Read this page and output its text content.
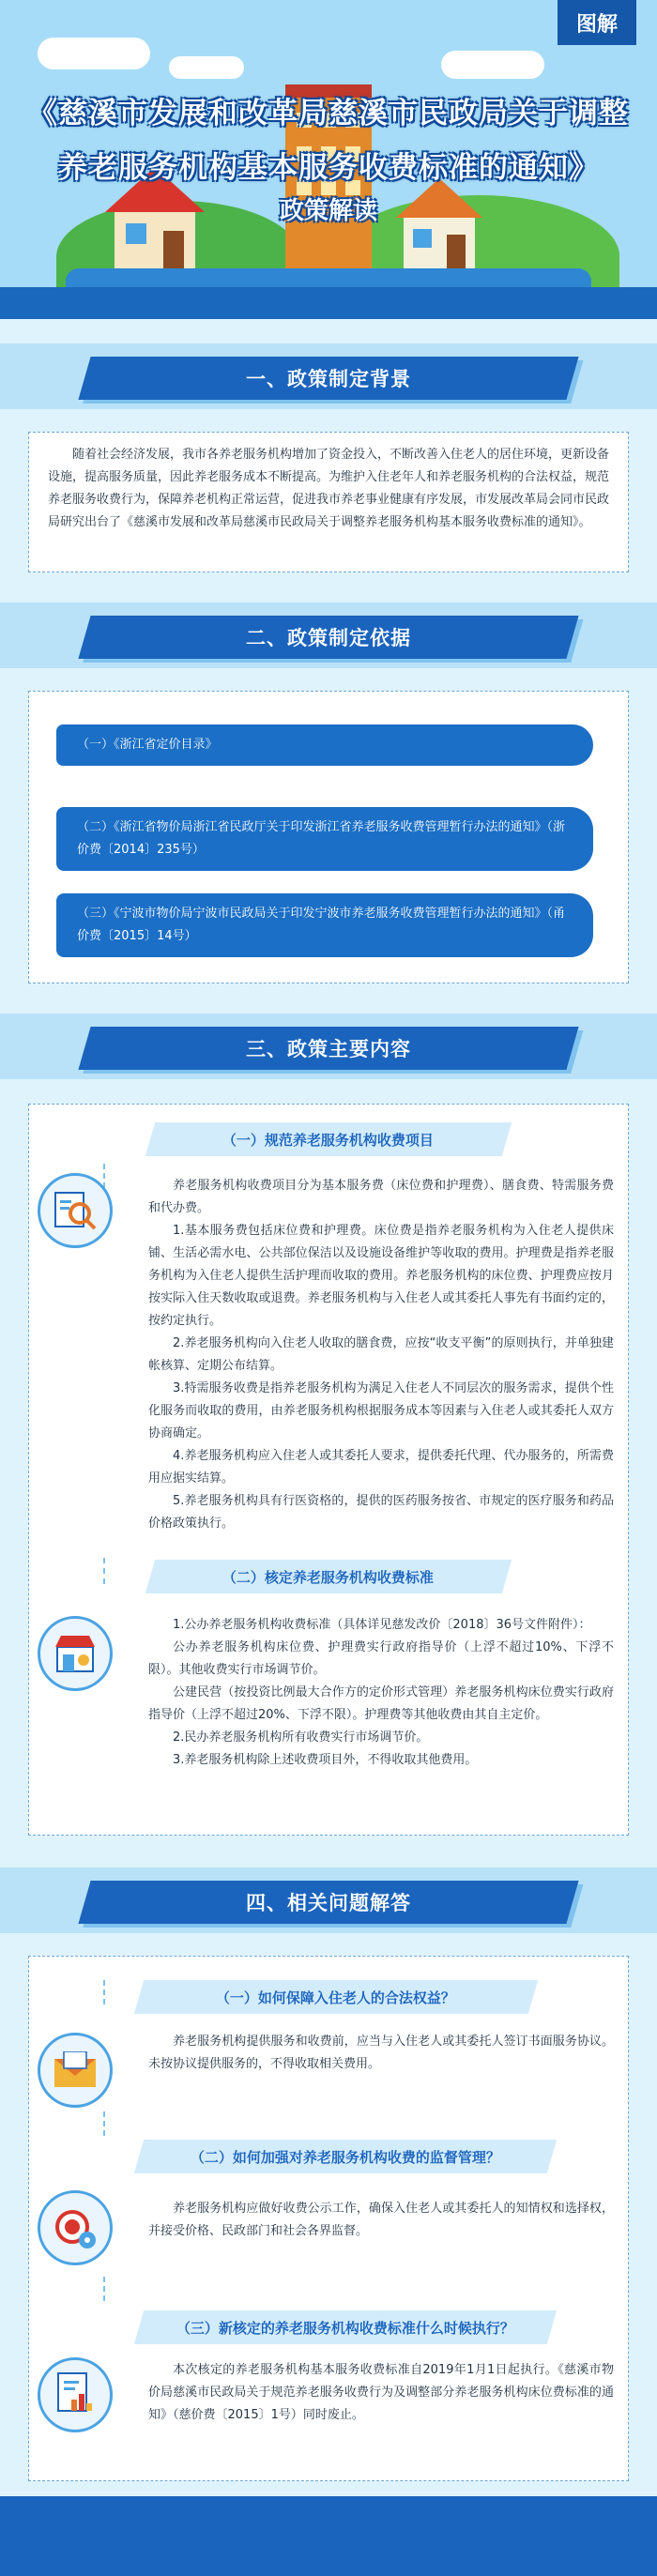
图解
《慈溪市发展和改革局慈溪市民政局关于调整
养老服务机构基本服务收费标准的通知》
政策解读
一、政策制定背景

随着社会经济发展，我市各养老服务机构增加了资金投入，不断改善入住老人的居住环境，更新设备设施，提高服务质量，因此养老服务成本不断提高。为维护入住老年人和养老服务机构的合法权益，规范养老服务收费行为，保障养老机构正常运营，促进我市养老事业健康有序发展，市发展改革局会同市民政局研究出台了《慈溪市发展和改革局慈溪市民政局关于调整养老服务机构基本服务收费标准的通知》。

二、政策制定依据
（一）《浙江省定价目录》
（二）《浙江省物价局浙江省民政厅关于印发浙江省养老服务收费管理暂行办法的通知》（浙价费〔2014〕235号）
（三）《宁波市物价局宁波市民政局关于印发宁波市养老服务收费管理暂行办法的通知》（甬价费〔2015〕14号）
三、政策主要内容
（一）规范养老服务机构收费项目

养老服务机构收费项目分为基本服务费（床位费和护理费）、膳食费、特需服务费和代办费。

1.基本服务费包括床位费和护理费。床位费是指养老服务机构为入住老人提供床铺、生活必需水电、公共部位保洁以及设施设备维护等收取的费用。护理费是指养老服务机构为入住老人提供生活护理而收取的费用。养老服务机构的床位费、护理费应按月按实际入住天数收取或退费。养老服务机构与入住老人或其委托人事先有书面约定的，按约定执行。

2.养老服务机构向入住老人收取的膳食费，应按“收支平衡”的原则执行，并单独建帐核算、定期公布结算。

3.特需服务收费是指养老服务机构为满足入住老人不同层次的服务需求，提供个性化服务而收取的费用，由养老服务机构根据服务成本等因素与入住老人或其委托人双方协商确定。

4.养老服务机构应入住老人或其委托人要求，提供委托代理、代办服务的，所需费用应据实结算。

5.养老服务机构具有行医资格的，提供的医药服务按省、市规定的医疗服务和药品价格政策执行。

（二）核定养老服务机构收费标准

1.公办养老服务机构收费标准（具体详见慈发改价〔2018〕36号文件附件）：

公办养老服务机构床位费、护理费实行政府指导价（上浮不超过10%、下浮不限）。其他收费实行市场调节价。

公建民营（按投资比例最大合作方的定价形式管理）养老服务机构床位费实行政府指导价（上浮不超过20%、下浮不限）。护理费等其他收费由其自主定价。

2.民办养老服务机构所有收费实行市场调节价。

3.养老服务机构除上述收费项目外，不得收取其他费用。

四、相关问题解答
（一）如何保障入住老人的合法权益？

养老服务机构提供服务和收费前，应当与入住老人或其委托人签订书面服务协议。未按协议提供服务的，不得收取相关费用。

（二）如何加强对养老服务机构收费的监督管理？

养老服务机构应做好收费公示工作，确保入住老人或其委托人的知情权和选择权，并接受价格、民政部门和社会各界监督。

（三）新核定的养老服务机构收费标准什么时候执行？

本次核定的养老服务机构基本服务收费标准自2019年1月1日起执行。《慈溪市物价局慈溪市民政局关于规范养老服务收费行为及调整部分养老服务机构床位费标准的通知》（慈价费〔2015〕1号）同时废止。
